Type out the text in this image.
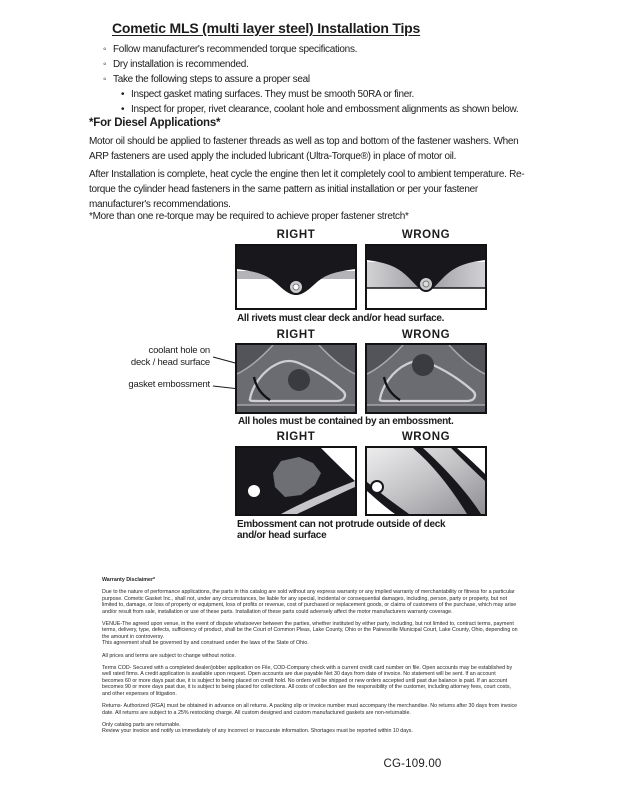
Cometic MLS (multi layer steel) Installation Tips
◦
Follow manufacturer's recommended torque specifications.
◦
Dry installation is recommended.
◦
Take the following steps to assure a proper seal
•
Inspect gasket mating surfaces. They must be smooth 50RA or finer.
•
Inspect for proper, rivet clearance, coolant hole and embossment alignments as shown below.
*For Diesel Applications*
Motor oil should be applied to fastener threads as well as top and bottom of the fastener washers. When ARP fasteners are used apply the included lubricant (Ultra-Torque®) in place of motor oil.
After Installation is complete, heat cycle the engine then let it completely cool to ambient temperature. Re-torque the cylinder head fasteners in the same pattern as initial installation or per your fastener manufacturer's recommendations.
*More than one re-torque may be required to achieve proper fastener stretch*
RIGHT	WRONG
All rivets must clear deck and/or head surface.
RIGHT	WRONG
coolant hole on
deck / head surface
gasket embossment
All holes must be contained by an embossment.
RIGHT	WRONG
Embossment can not protrude outside of deck
and/or head surface
Warranty Disclaimer*
Due to the nature of performance applications, the parts in this catalog are sold without any express warranty or any implied warranty of merchantability or fitness for a particular purpose. Cometic Gasket Inc., shall not, under any circumstances, be liable for any special, incidental or consequential damages, including, person, party or property, but not limited to, damage, or loss of property or equipment, loss of profits or revenue, cost of purchased or replacement goods, or claims of customers of the purchase, which may arise and/or result from sale, installation or use of these parts. Installation of these parts could adversely affect the motor manufacturers warranty coverage.
VENUE-The agreed upon venue, in the event of dispute whatsoever between the parties, whether instituted by either party, including, but not limited to, contract terms, payment terms, delivery, type, defects, sufficiency of product, shall be the Court of Common Pleas, Lake County, Ohio or the Painesville Municipal Court, Lake County, Ohio, depending on the amount in controversy.
This agreement shall be governed by and construed under the laws of the State of Ohio.
All prices and terms are subject to change without notice.
Terms COD- Secured with a completed dealer/jobber application on File, COD-Company check with a current credit card number on file. Open accounts may be established by well rated firms. A credit application is available upon request. Open accounts are due payable Net 30 days from date of invoice. No statement will be sent. If an account becomes 60 or more days past due, it is subject to being placed on credit hold. No orders will be shipped or new orders accepted until past due balance is paid. If an account becomes 90 or more days past due, it is subject to being placed for collections. All costs of collection are the responsibility of the customer, including attorney fees, court costs, and other expenses of litigation.
Returns- Authorized (RGA) must be obtained in advance on all returns. A packing slip or invoice number must accompany the merchandise. No returns after 30 days from invoice date. All returns are subject to a 25% restocking charge. All custom designed and custom manufactured gaskets are non-returnable.
Only catalog parts are returnable.
Review your invoice and notify us immediately of any incorrect or inaccurate information. Shortages must be reported within 10 days.
CG-109.00
